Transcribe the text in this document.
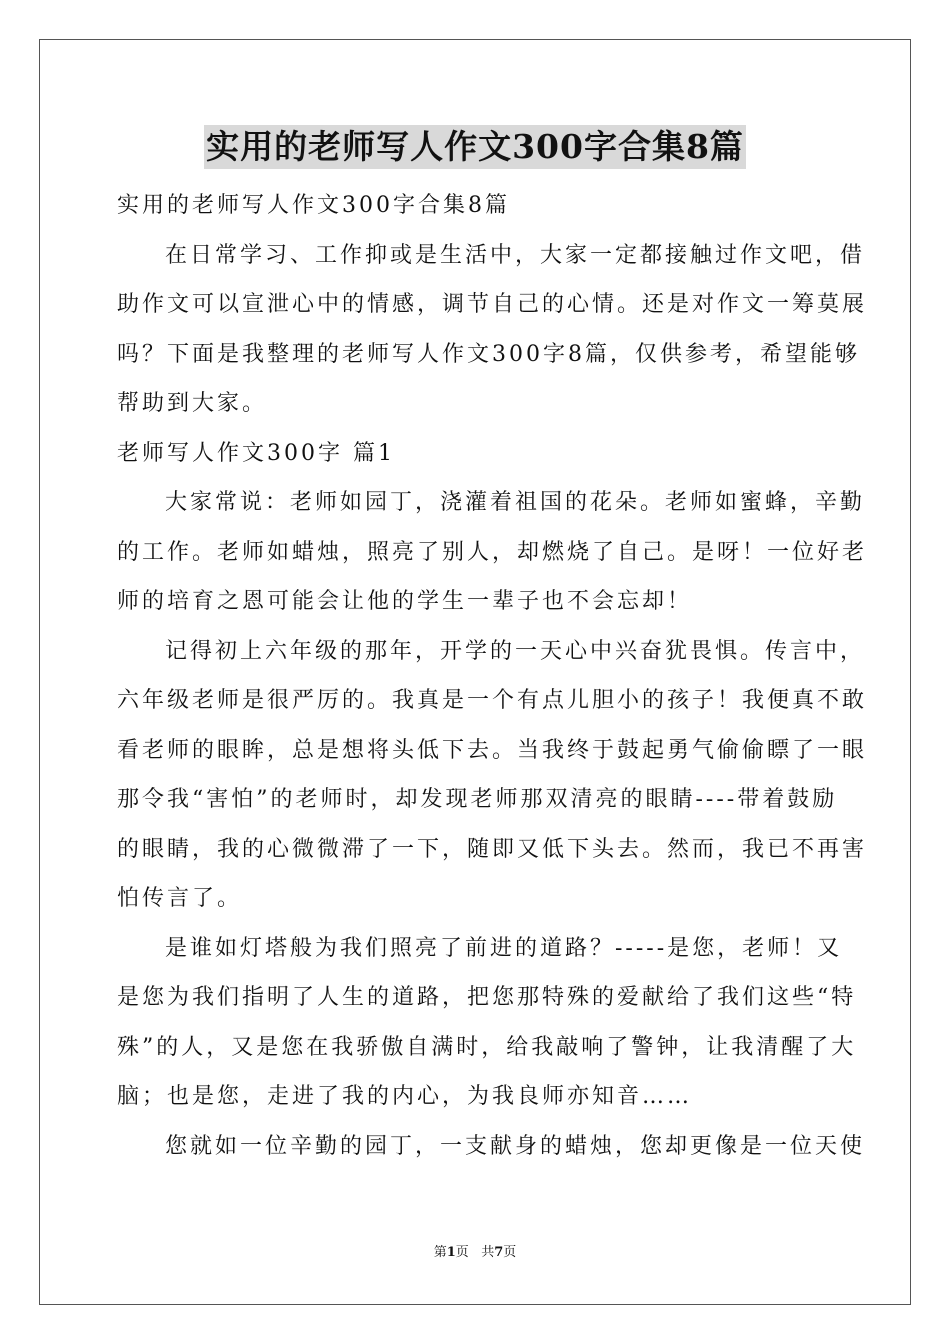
实用的老师写人作文300字合集8篇
实用的老师写人作文300字合集8篇
在日常学习、工作抑或是生活中，大家一定都接触过作文吧，借
助作文可以宣泄心中的情感，调节自己的心情。还是对作文一筹莫展
吗？下面是我整理的老师写人作文300字8篇，仅供参考，希望能够
帮助到大家。
老师写人作文300字 篇1
大家常说：老师如园丁，浇灌着祖国的花朵。老师如蜜蜂，辛勤
的工作。老师如蜡烛，照亮了别人，却燃烧了自己。是呀！一位好老
师的培育之恩可能会让他的学生一辈子也不会忘却！
记得初上六年级的那年，开学的一天心中兴奋犹畏惧。传言中，
六年级老师是很严厉的。我真是一个有点儿胆小的孩子！我便真不敢
看老师的眼眸，总是想将头低下去。当我终于鼓起勇气偷偷瞟了一眼
那令我“害怕”的老师时，却发现老师那双清亮的眼睛----带着鼓励
的眼睛，我的心微微滞了一下，随即又低下头去。然而，我已不再害
怕传言了。
是谁如灯塔般为我们照亮了前进的道路？-----是您，老师！又
是您为我们指明了人生的道路，把您那特殊的爱献给了我们这些“特
殊”的人，又是您在我骄傲自满时，给我敲响了警钟，让我清醒了大
脑；也是您，走进了我的内心，为我良师亦知音……
您就如一位辛勤的园丁，一支献身的蜡烛，您却更像是一位天使
第1页 共7页
